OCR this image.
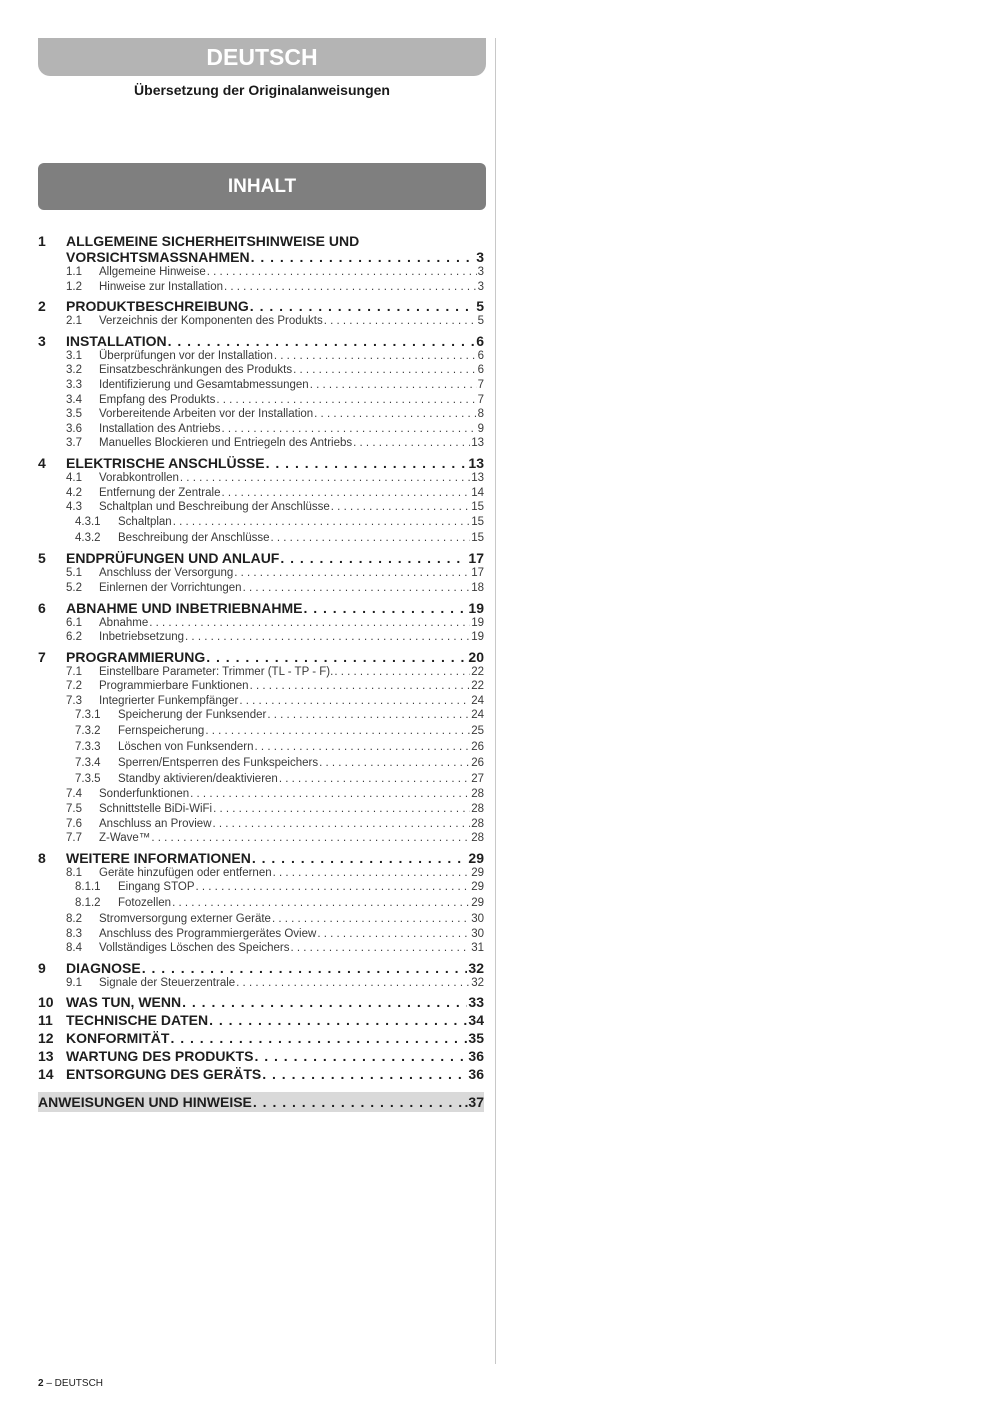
DEUTSCH
Übersetzung der Originalanweisungen
INHALT
1	ALLGEMEINE SICHERHEITSHINWEISE UND
VORSICHTSMASSNAHMEN . . .	3
1.1	Allgemeine Hinweise . . .	3
1.2	Hinweise zur Installation . . .	3
2	PRODUKTBESCHREIBUNG . . .	5
2.1	Verzeichnis der Komponenten des Produkts . . .	5
3	INSTALLATION . . .	6
3.1	Überprüfungen vor der Installation . . .	6
3.2	Einsatzbeschränkungen des Produkts . . .	6
3.3	Identifizierung und Gesamtabmessungen . . .	7
3.4	Empfang des Produkts . . .	7
3.5	Vorbereitende Arbeiten vor der Installation . . .	8
3.6	Installation des Antriebs . . .	9
3.7	Manuelles Blockieren und Entriegeln des Antriebs . . .	13
4	ELEKTRISCHE ANSCHLÜSSE . . .	13
4.1	Vorabkontrollen . . .	13
4.2	Entfernung der Zentrale . . .	14
4.3	Schaltplan und Beschreibung der Anschlüsse . . .	15
4.3.1	Schaltplan . . .	15
4.3.2	Beschreibung der Anschlüsse . . .	15
5	ENDPRÜFUNGEN UND ANLAUF . . .	17
5.1	Anschluss der Versorgung . . .	17
5.2	Einlernen der Vorrichtungen . . .	18
6	ABNAHME UND INBETRIEBNAHME . . .	19
6.1	Abnahme . . .	19
6.2	Inbetriebsetzung . . .	19
7	PROGRAMMIERUNG . . .	20
7.1	Einstellbare Parameter: Trimmer (TL - TP - F). . . .	22
7.2	Programmierbare Funktionen . . .	22
7.3	Integrierter Funkempfänger . . .	24
7.3.1	Speicherung der Funksender . . .	24
7.3.2	Fernspeicherung . . .	25
7.3.3	Löschen von Funksendern . . .	26
7.3.4	Sperren/Entsperren des Funkspeichers . . .	26
7.3.5	Standby aktivieren/deaktivieren . . .	27
7.4	Sonderfunktionen . . .	28
7.5	Schnittstelle BiDi-WiFi . . .	28
7.6	Anschluss an Proview . . .	28
7.7	Z-Wave™ . . .	28
8	WEITERE INFORMATIONEN . . .	29
8.1	Geräte hinzufügen oder entfernen . . .	29
8.1.1	Eingang STOP . . .	29
8.1.2	Fotozellen . . .	29
8.2	Stromversorgung externer Geräte . . .	30
8.3	Anschluss des Programmiergerätes Oview . . .	30
8.4	Vollständiges Löschen des Speichers . . .	31
9	DIAGNOSE . . .	32
9.1	Signale der Steuerzentrale . . .	32
10 WAS TUN, WENN . . .	33
11 TECHNISCHE DATEN . . .	34
12 KONFORMITÄT . . .	35
13 WARTUNG DES PRODUKTS . . .	36
14 ENTSORGUNG DES GERÄTS . . .	36
ANWEISUNGEN UND HINWEISE . . .	.37
2 – DEUTSCH
